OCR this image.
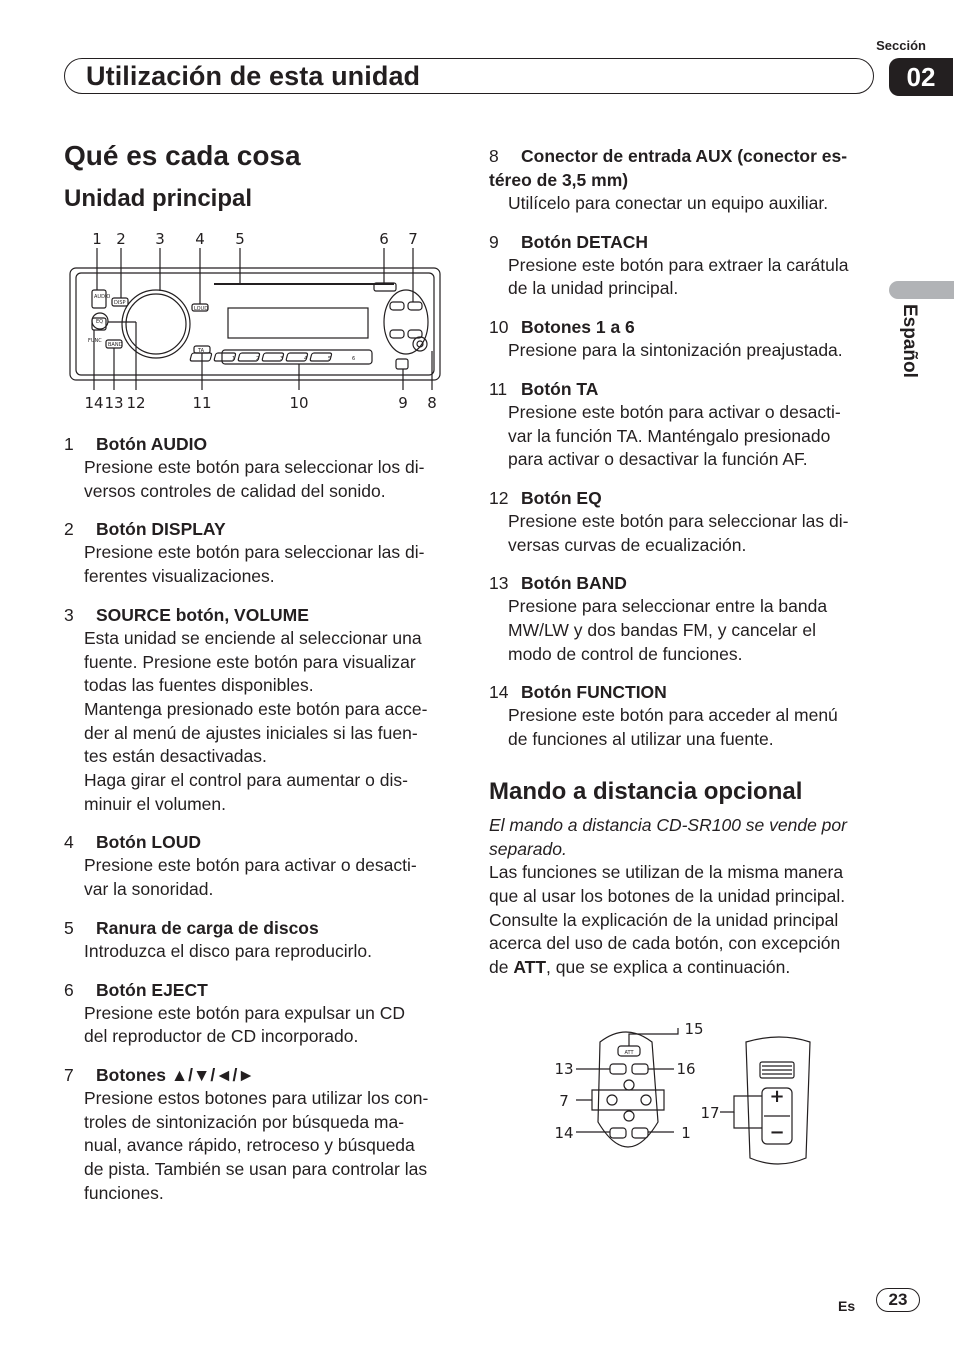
Sección
Utilización de esta unidad	02
Español
Qué es cada cosa
Unidad principal
AUDIO
DISP
EQ
BAND
FUNC
LOUD
TA
1	2	3	4	5	6
1 2 3 4 5	6 7
14 13 12	11	10	9 8
1	Botón AUDIO
Presione este botón para seleccionar los di-
versos controles de calidad del sonido.
2	Botón DISPLAY
Presione este botón para seleccionar las di-
ferentes visualizaciones.
3	SOURCE botón, VOLUME
Esta unidad se enciende al seleccionar una
fuente. Presione este botón para visualizar
todas las fuentes disponibles.
Mantenga presionado este botón para acce-
der al menú de ajustes iniciales si las fuen-
tes están desactivadas.
Haga girar el control para aumentar o dis-
minuir el volumen.
4	Botón LOUD
Presione este botón para activar o desacti-
var la sonoridad.
5	Ranura de carga de discos
Introduzca el disco para reproducirlo.
6	Botón EJECT
Presione este botón para expulsar un CD
del reproductor de CD incorporado.
7	Botones ▲/▼/◄/►
Presione estos botones para utilizar los con-
troles de sintonización por búsqueda ma-
nual, avance rápido, retroceso y búsqueda
de pista. También se usan para controlar las
funciones.
8 Conector de entrada AUX (conector es-
téreo de 3,5 mm)
Utilícelo para conectar un equipo auxiliar.
9	Botón DETACH
Presione este botón para extraer la carátula
de la unidad principal.
10 Botones 1 a 6
Presione para la sintonización preajustada.
11 Botón TA
Presione este botón para activar o desacti-
var la función TA. Manténgalo presionado
para activar o desactivar la función AF.
12 Botón EQ
Presione este botón para seleccionar las di-
versas curvas de ecualización.
13 Botón BAND
Presione para seleccionar entre la banda
MW/LW y dos bandas FM, y cancelar el
modo de control de funciones.
14 Botón FUNCTION
Presione este botón para acceder al menú
de funciones al utilizar una fuente.
Mando a distancia opcional
El mando a distancia CD-SR100 se vende por
separado.
Las funciones se utilizan de la misma manera
que al usar los botones de la unidad principal.
Consulte la explicación de la unidad principal
acerca del uso de cada botón, con excepción
de ATT, que se explica a continuación.
+
−
ATT
15
13	16
7
17
14	1
Es	23
